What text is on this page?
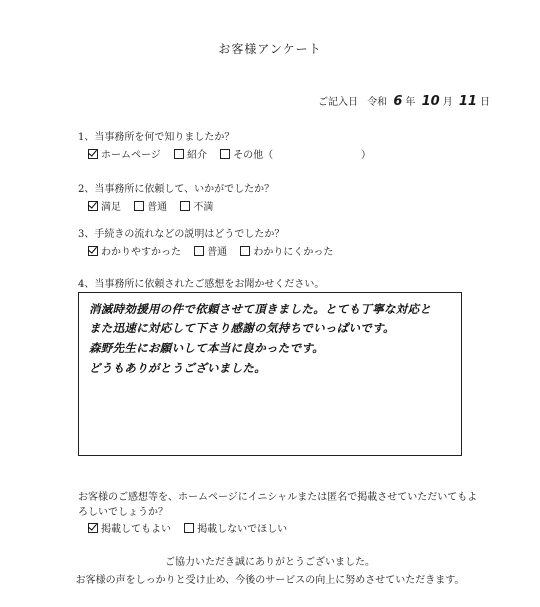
お客様アンケート
ご記入日 令和 6 年 10 月 11 日
1、当事務所を何で知りましたか？
ホームページ	紹介	その他（	）
2、当事務所に依頼して、いかがでしたか？
満足	普通	不満
3、手続きの流れなどの説明はどうでしたか？
わかりやすかった	普通	わかりにくかった
4、当事務所に依頼されたご感想をお聞かせください。
消滅時効援用の件で依頼させて頂きました。とても丁寧な対応と
また迅速に対応して下さり感謝の気持ちでいっぱいです。
森野先生にお願いして本当に良かったです。
どうもありがとうございました。
お客様のご感想等を、ホームページにイニシャルまたは匿名で掲載させていただいてもよ
ろしいでしょうか？
掲載してもよい	掲載しないでほしい
ご協力いただき誠にありがとうございました。
お客様の声をしっかりと受け止め、今後のサービスの向上に努めさせていただきます。
